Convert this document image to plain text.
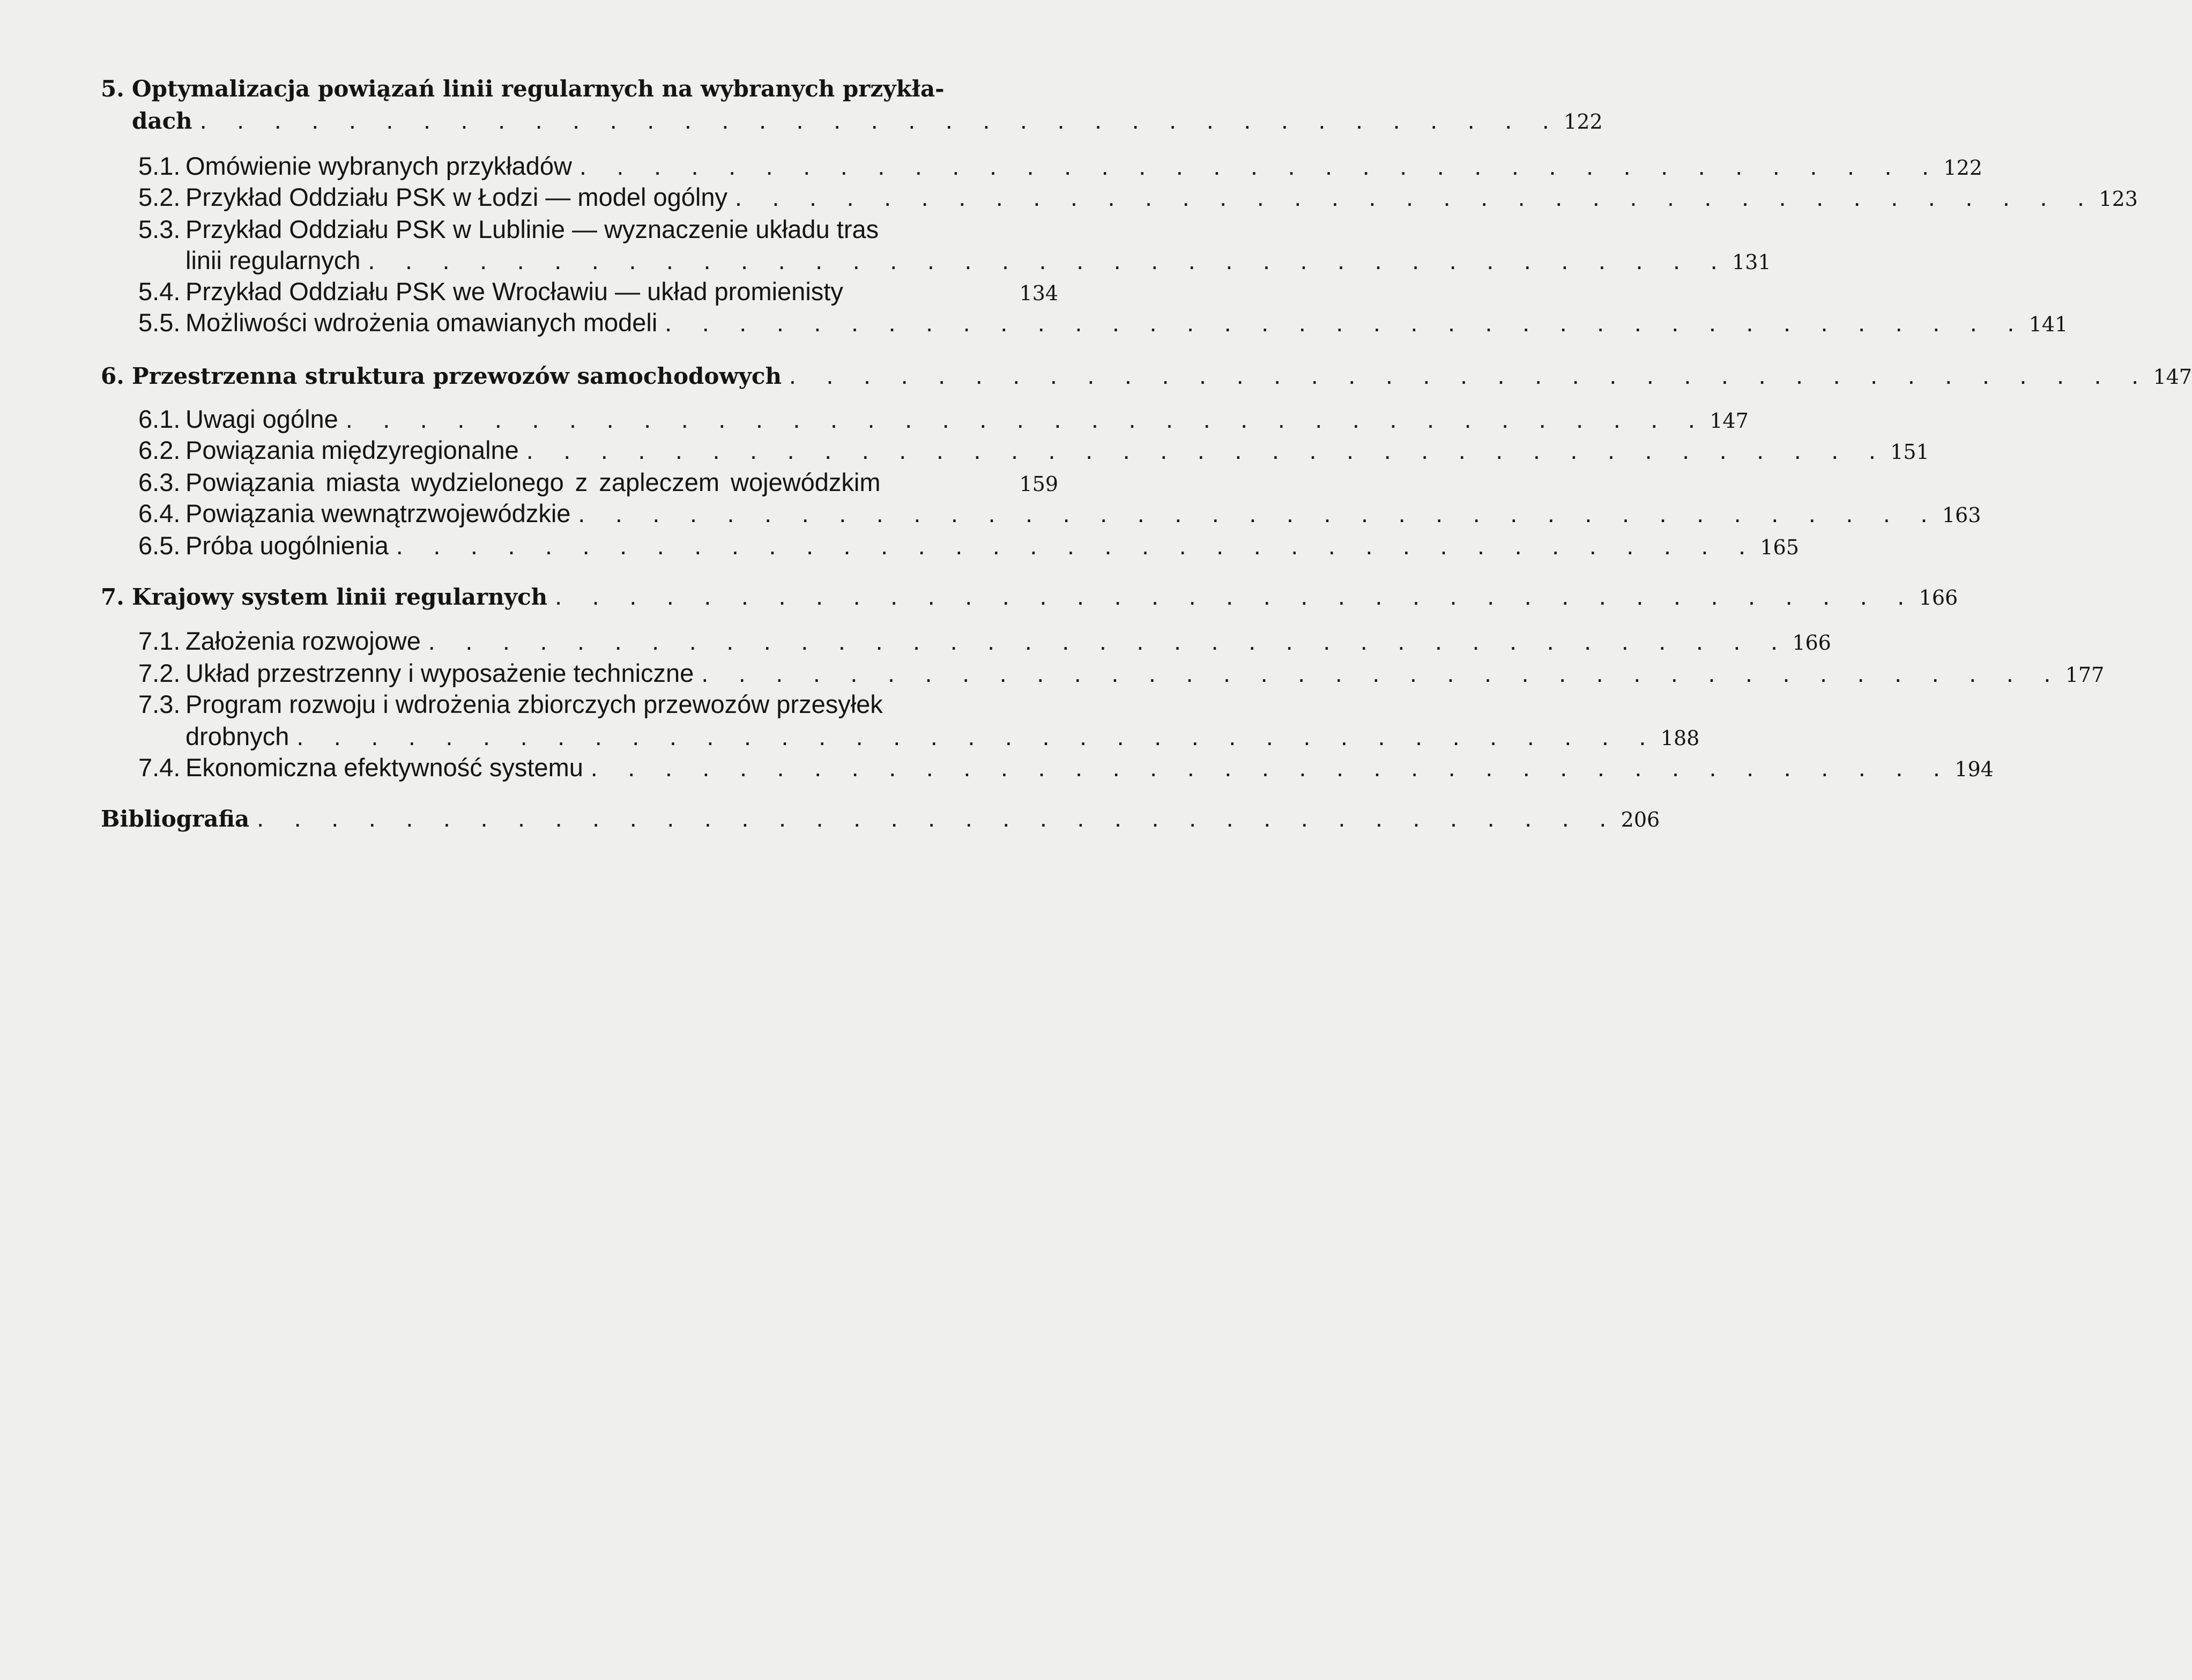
5. Optymalizacja powiązań linii regularnych na wybranych przykła-
dach . . . . . . . . . . . . . . . . . . . . . . . . . . . . . . . . . . . . . 122
5.1. Omówienie wybranych przykładów . . . . . . . . . . . . . . . . . . . . . . . . . . . . . . . . . . . . . 122
5.2. Przykład Oddziału PSK w Łodzi — model ogólny . . . . . . . . . . . . . . . . . . . . . . . . . . . . . . . . . . . . . 123
5.3. Przykład Oddziału PSK w Lublinie — wyznaczenie układu tras
linii regularnych . . . . . . . . . . . . . . . . . . . . . . . . . . . . . . . . . . . . . 131
5.4. Przykład Oddziału PSK we Wrocławiu — układ promienisty	134
5.5. Możliwości wdrożenia omawianych modeli . . . . . . . . . . . . . . . . . . . . . . . . . . . . . . . . . . . . . 141
6. Przestrzenna struktura przewozów samochodowych . . . . . . . . . . . . . . . . . . . . . . . . . . . . . . . . . . . . . 147
6.1. Uwagi ogólne . . . . . . . . . . . . . . . . . . . . . . . . . . . . . . . . . . . . . 147
6.2. Powiązania międzyregionalne . . . . . . . . . . . . . . . . . . . . . . . . . . . . . . . . . . . . . 151
6.3. Powiązania miasta wydzielonego z zapleczem wojewódzkim	159
6.4. Powiązania wewnątrzwojewódzkie . . . . . . . . . . . . . . . . . . . . . . . . . . . . . . . . . . . . . 163
6.5. Próba uogólnienia . . . . . . . . . . . . . . . . . . . . . . . . . . . . . . . . . . . . . 165
7. Krajowy system linii regularnych . . . . . . . . . . . . . . . . . . . . . . . . . . . . . . . . . . . . . 166
7.1. Założenia rozwojowe . . . . . . . . . . . . . . . . . . . . . . . . . . . . . . . . . . . . . 166
7.2. Układ przestrzenny i wyposażenie techniczne . . . . . . . . . . . . . . . . . . . . . . . . . . . . . . . . . . . . . 177
7.3. Program rozwoju i wdrożenia zbiorczych przewozów przesyłek
drobnych . . . . . . . . . . . . . . . . . . . . . . . . . . . . . . . . . . . . . 188
7.4. Ekonomiczna efektywność systemu . . . . . . . . . . . . . . . . . . . . . . . . . . . . . . . . . . . . . 194
Bibliografia . . . . . . . . . . . . . . . . . . . . . . . . . . . . . . . . . . . . . 206
